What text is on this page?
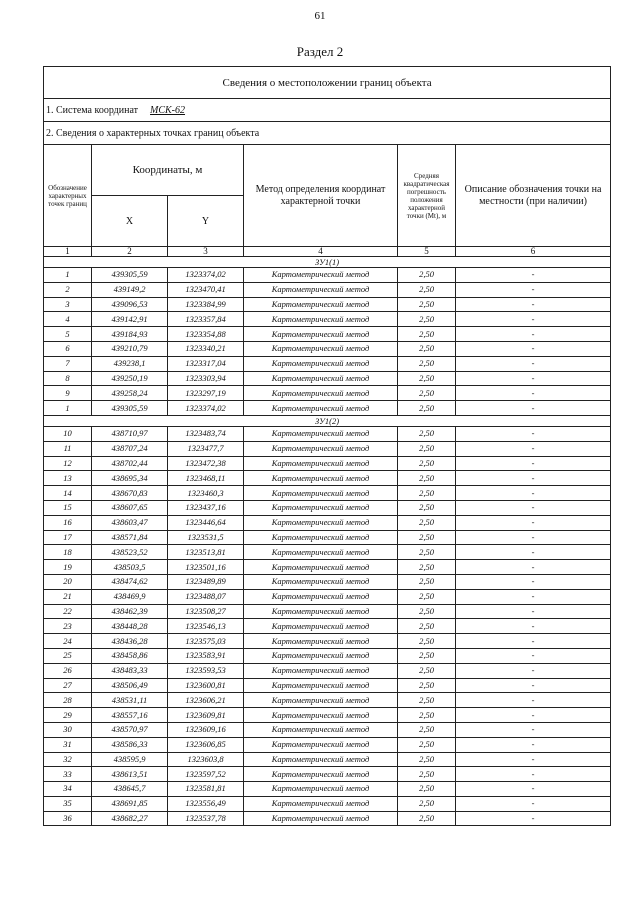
61
Раздел 2
Сведения о местоположении границ объекта					
1. Система координат МСК-62					
2. Сведения о характерных точках границ объекта					
Обозначение характерных точек границ	Координаты, м		Метод определения координат характерной точки	Средняя квадратическая погрешность положения характерной точки (Mt), м	Описание обозначения точки на местности (при наличии)
	X	Y			
1	2	3	4	5	6
ЗУ1(1)					
1	439305,59	1323374,02	Картометрический метод	2,50	-
2	439149,2	1323470,41	Картометрический метод	2,50	-
3	439096,53	1323384,99	Картометрический метод	2,50	-
4	439142,91	1323357,84	Картометрический метод	2,50	-
5	439184,93	1323354,88	Картометрический метод	2,50	-
6	439210,79	1323340,21	Картометрический метод	2,50	-
7	439238,1	1323317,04	Картометрический метод	2,50	-
8	439250,19	1323303,94	Картометрический метод	2,50	-
9	439258,24	1323297,19	Картометрический метод	2,50	-
1	439305,59	1323374,02	Картометрический метод	2,50	-
ЗУ1(2)					
10	438710,97	1323483,74	Картометрический метод	2,50	-
11	438707,24	1323477,7	Картометрический метод	2,50	-
12	438702,44	1323472,38	Картометрический метод	2,50	-
13	438695,34	1323468,11	Картометрический метод	2,50	-
14	438670,83	1323460,3	Картометрический метод	2,50	-
15	438607,65	1323437,16	Картометрический метод	2,50	-
16	438603,47	1323446,64	Картометрический метод	2,50	-
17	438571,84	1323531,5	Картометрический метод	2,50	-
18	438523,52	1323513,81	Картометрический метод	2,50	-
19	438503,5	1323501,16	Картометрический метод	2,50	-
20	438474,62	1323489,89	Картометрический метод	2,50	-
21	438469,9	1323488,07	Картометрический метод	2,50	-
22	438462,39	1323508,27	Картометрический метод	2,50	-
23	438448,28	1323546,13	Картометрический метод	2,50	-
24	438436,28	1323575,03	Картометрический метод	2,50	-
25	438458,86	1323583,91	Картометрический метод	2,50	-
26	438483,33	1323593,53	Картометрический метод	2,50	-
27	438506,49	1323600,81	Картометрический метод	2,50	-
28	438531,11	1323606,21	Картометрический метод	2,50	-
29	438557,16	1323609,81	Картометрический метод	2,50	-
30	438570,97	1323609,16	Картометрический метод	2,50	-
31	438586,33	1323606,85	Картометрический метод	2,50	-
32	438595,9	1323603,8	Картометрический метод	2,50	-
33	438613,51	1323597,52	Картометрический метод	2,50	-
34	438645,7	1323581,81	Картометрический метод	2,50	-
35	438691,85	1323556,49	Картометрический метод	2,50	-
36	438682,27	1323537,78	Картометрический метод	2,50	-
